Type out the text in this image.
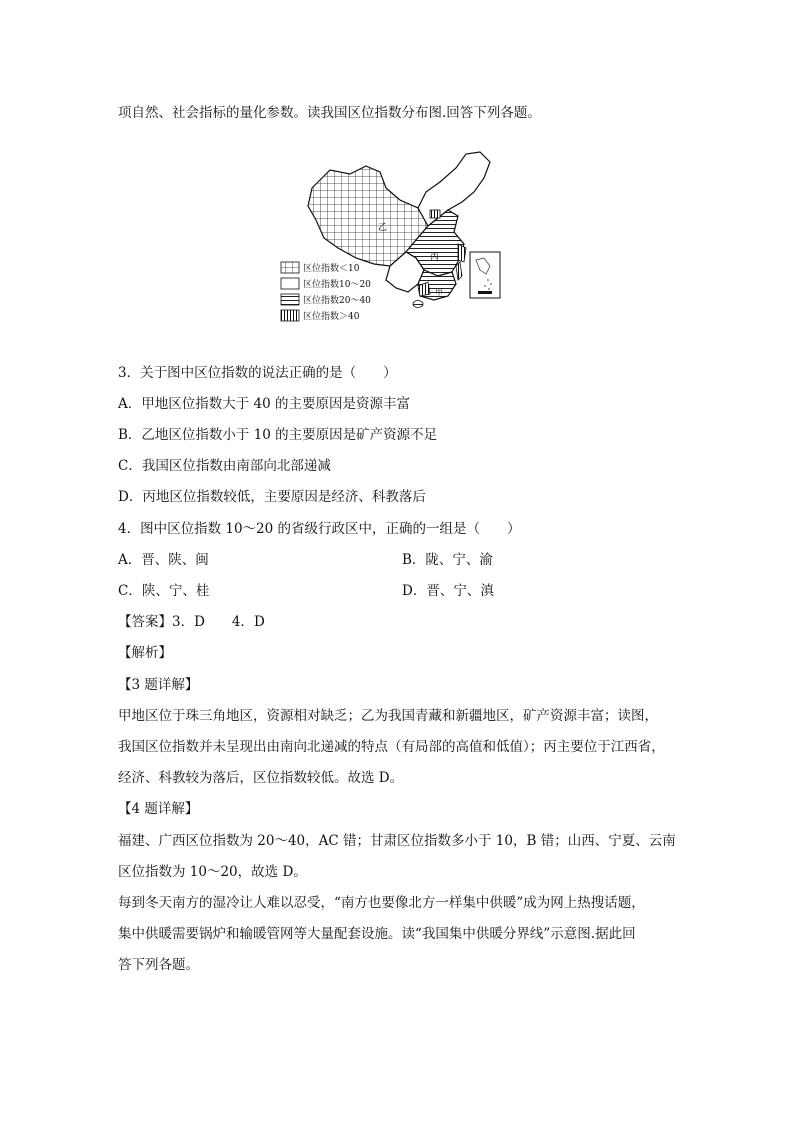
项自然、社会指标的量化参数。读我国区位指数分布图.回答下列各题。
乙
丙
甲
区位指数＜10
区位指数10～20
区位指数20～40
区位指数＞40
3．关于图中区位指数的说法正确的是（　　）
A．甲地区位指数大于 40 的主要原因是资源丰富
B．乙地区位指数小于 10 的主要原因是矿产资源不足
C．我国区位指数由南部向北部递减
D．丙地区位指数较低，主要原因是经济、科教落后
4．图中区位指数 10～20 的省级行政区中，正确的一组是（　　）
A．晋、陕、闽	B．陇、宁、渝
C．陕、宁、桂	D．晋、宁、滇
【答案】3．D　　4．D
【解析】
【3 题详解】
甲地区位于珠三角地区，资源相对缺乏；乙为我国青藏和新疆地区，矿产资源丰富；读图，
我国区位指数并未呈现出由南向北递减的特点（有局部的高值和低值）；丙主要位于江西省，
经济、科教较为落后，区位指数较低。故选 D。
【4 题详解】
福建、广西区位指数为 20～40，AC 错；甘肃区位指数多小于 10，B 错；山西、宁夏、云南
区位指数为 10～20，故选 D。
每到冬天南方的湿冷让人难以忍受，“南方也要像北方一样集中供暖”成为网上热搜话题，
集中供暖需要锅炉和输暖管网等大量配套设施。读“我国集中供暖分界线”示意图.据此回
答下列各题。
